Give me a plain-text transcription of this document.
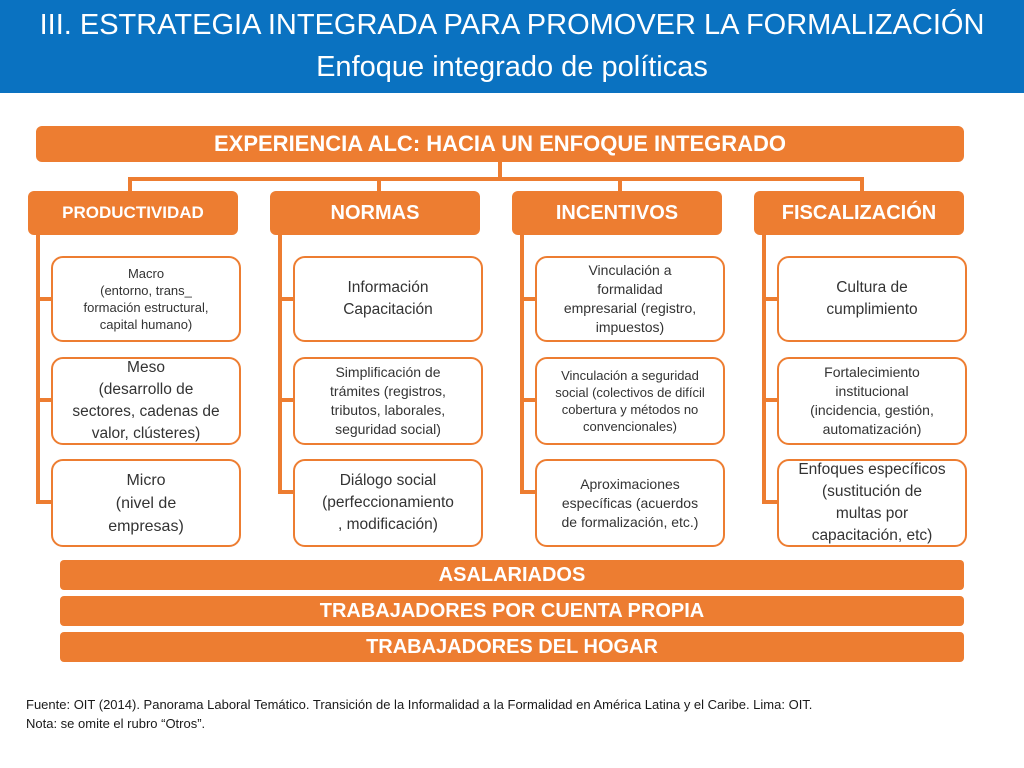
III. ESTRATEGIA INTEGRADA PARA PROMOVER LA FORMALIZACIÓN
Enfoque integrado de políticas
EXPERIENCIA ALC: HACIA UN ENFOQUE INTEGRADO
PRODUCTIVIDAD	NORMAS	INCENTIVOS	FISCALIZACIÓN
Macro
(entorno, trans_
formación estructural,
capital humano)
Meso
(desarrollo de
sectores, cadenas de
valor, clústeres)
Micro
(nivel de
empresas)
Información
Capacitación
Simplificación de
trámites (registros,
tributos, laborales,
seguridad social)
Diálogo social
(perfeccionamiento
, modificación)
Vinculación a
formalidad
empresarial (registro,
impuestos)
Vinculación a seguridad
social (colectivos de difícil
cobertura y métodos no
convencionales)
Aproximaciones
específicas (acuerdos
de formalización, etc.)
Cultura de
cumplimiento
Fortalecimiento
institucional
(incidencia, gestión,
automatización)
Enfoques específicos
(sustitución de
multas por
capacitación, etc)
ASALARIADOS
TRABAJADORES POR CUENTA PROPIA
TRABAJADORES DEL HOGAR
Fuente: OIT (2014). Panorama Laboral Temático. Transición de la Informalidad a la Formalidad en América Latina y el Caribe. Lima: OIT.
Nota: se omite el rubro “Otros”.
